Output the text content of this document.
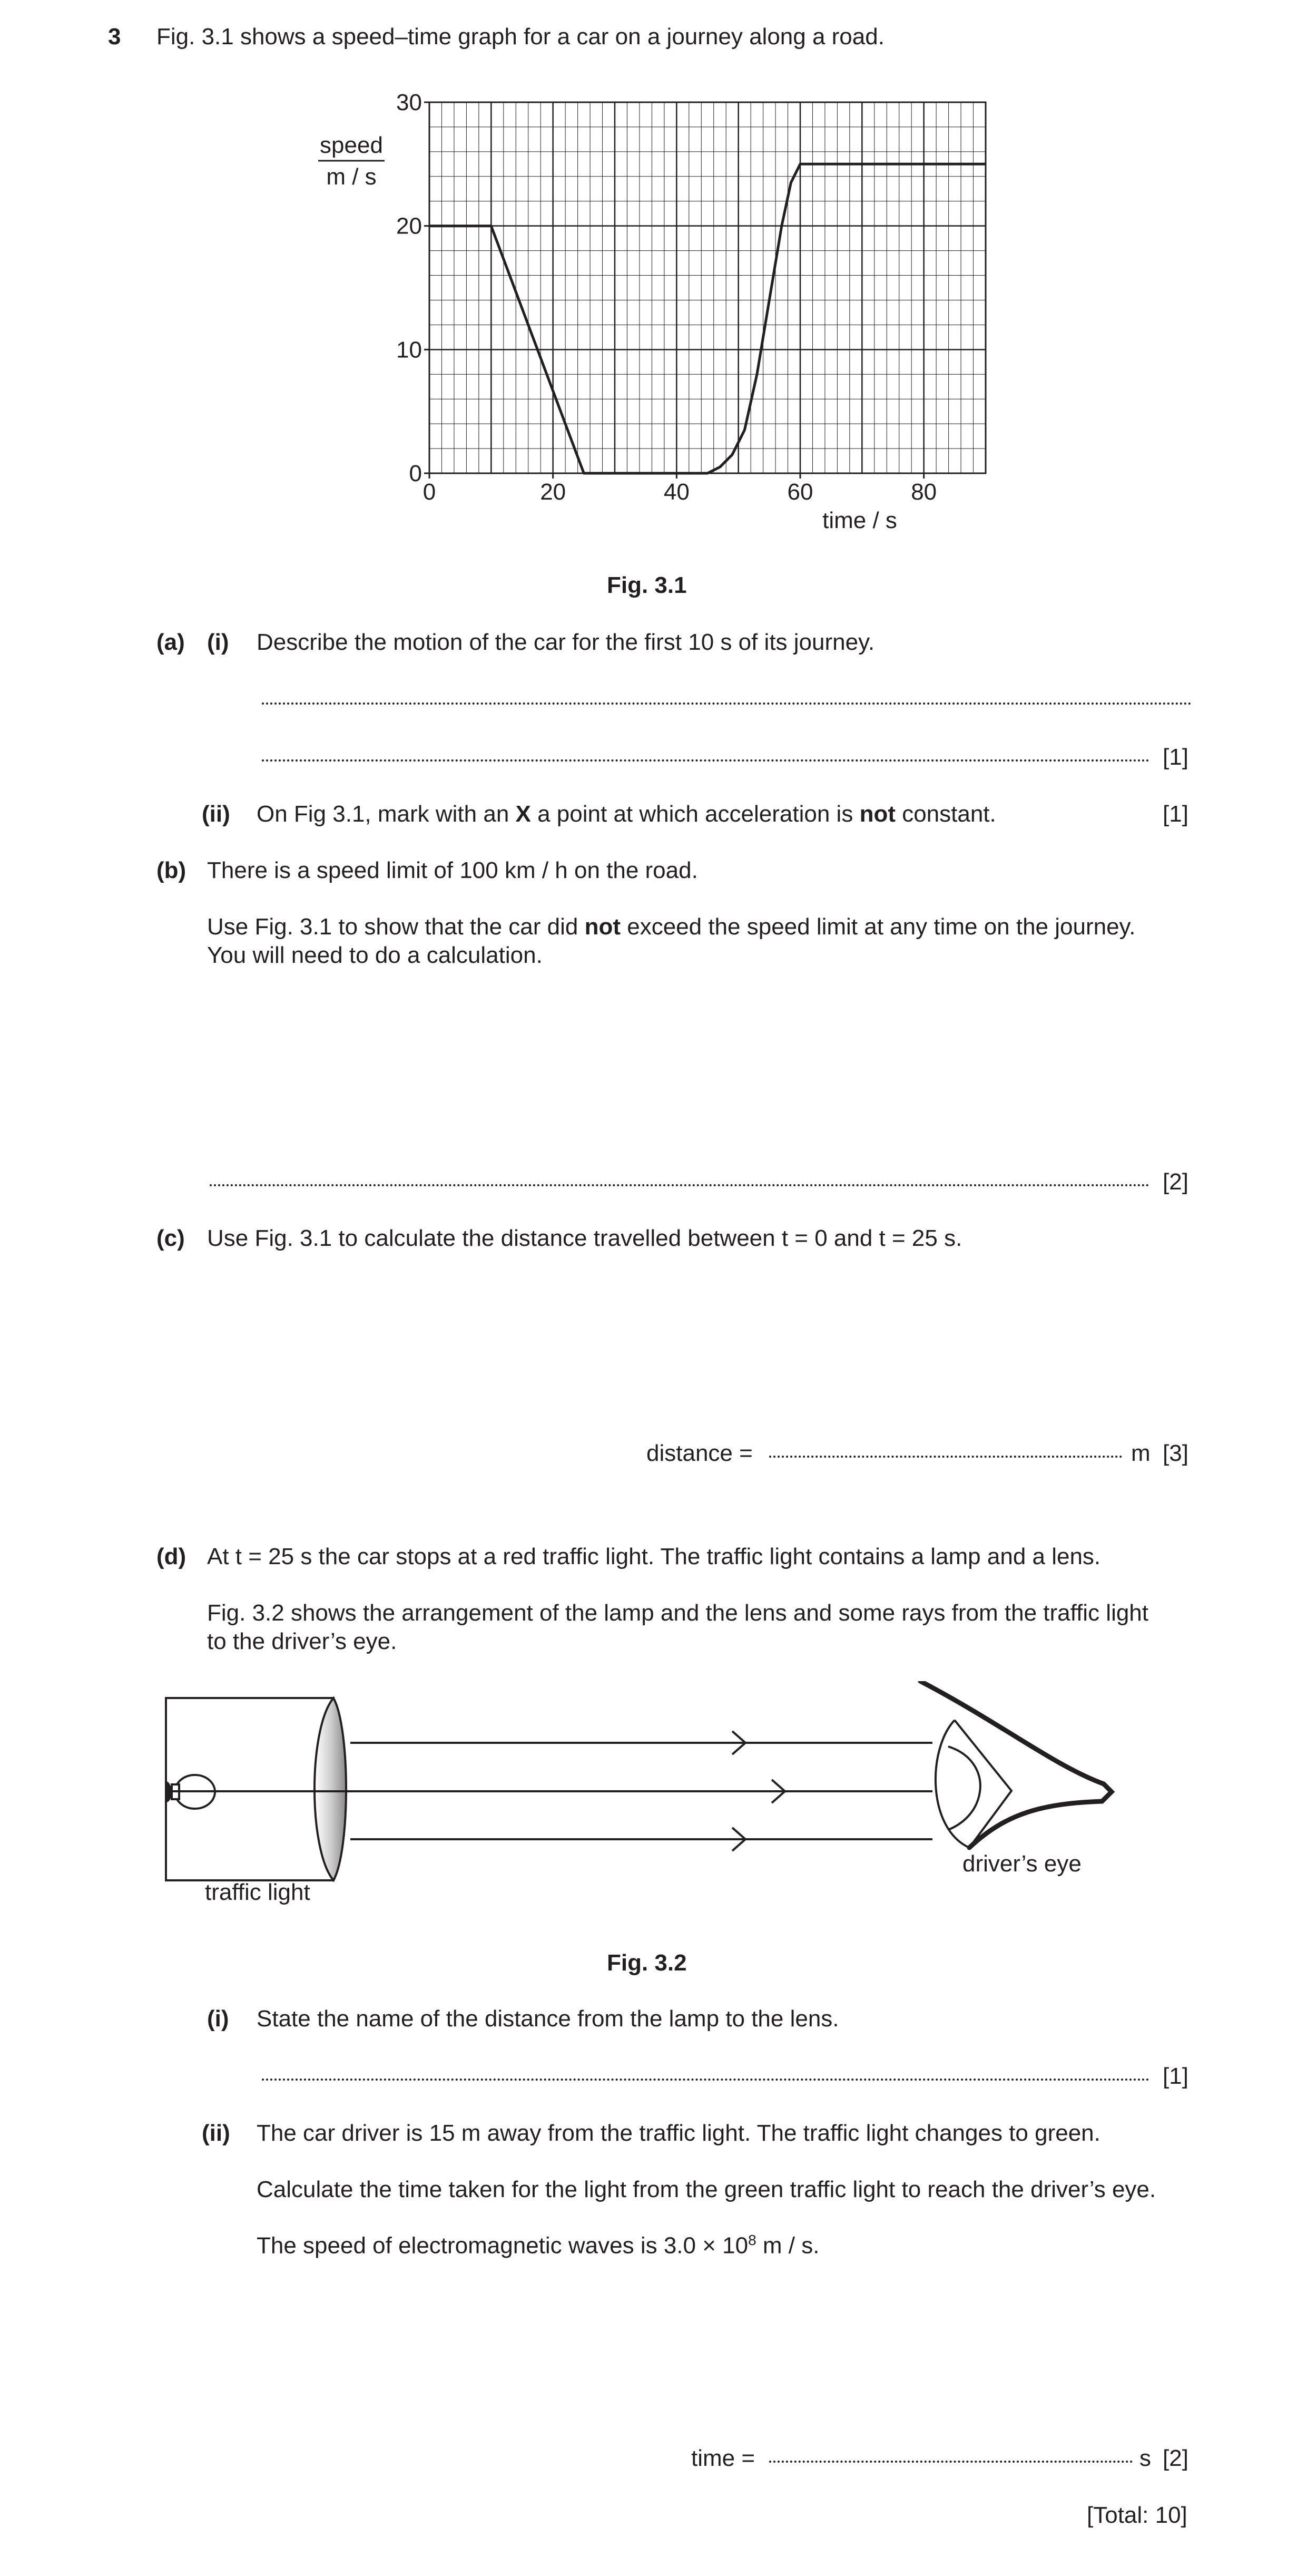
3 Fig. 3.1 shows a speed–time graph for a car on a journey along a road.
0	20	40	60	80
0
10
20
30
speed
m / s
time / s
Fig. 3.1
(a) (i) Describe the motion of the car for the first 10 s of its journey.
[1]
(ii) On Fig 3.1, mark with an X a point at which acceleration is not constant.	[1]
(b) There is a speed limit of 100 km / h on the road.
Use Fig. 3.1 to show that the car did not exceed the speed limit at any time on the journey.
You will need to do a calculation.
[2]
(c) Use Fig. 3.1 to calculate the distance travelled between t = 0 and t = 25 s.
distance =	m [3]
(d) At t = 25 s the car stops at a red traffic light. The traffic light contains a lamp and a lens.
Fig. 3.2 shows the arrangement of the lamp and the lens and some rays from the traffic light
to the driver’s eye.
traffic light
driver’s eye
Fig. 3.2
(i) State the name of the distance from the lamp to the lens.
[1]
(ii) The car driver is 15 m away from the traffic light. The traffic light changes to green.
Calculate the time taken for the light from the green traffic light to reach the driver’s eye.
The speed of electromagnetic waves is $3.0 \times 10^8$ m / s.
time =	s [2]
[Total: 10]
